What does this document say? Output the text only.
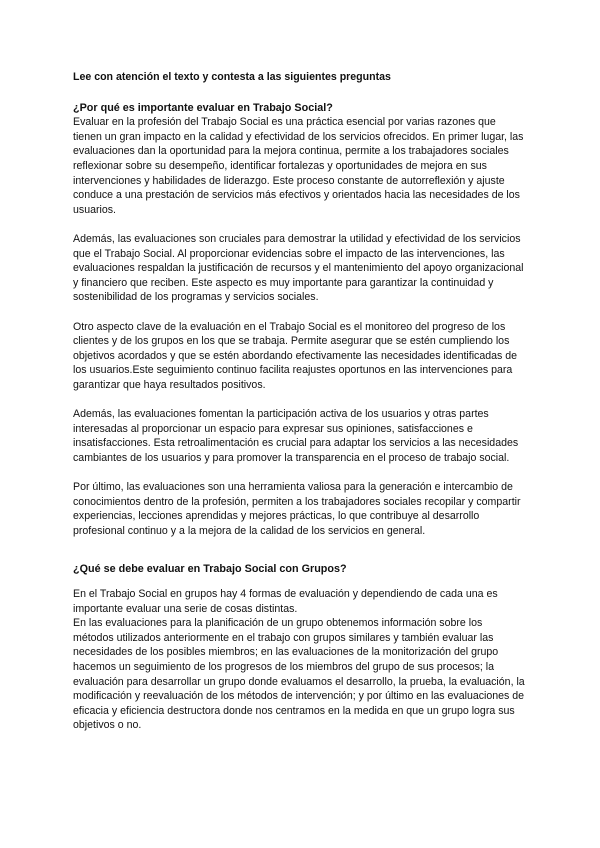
Lee con atención el texto y contesta a las siguientes preguntas

¿Por qué es importante evaluar en Trabajo Social?

Evaluar en la profesión del Trabajo Social es una práctica esencial por varias razones que tienen un gran impacto en la calidad y efectividad de los servicios ofrecidos. En primer lugar, las evaluaciones dan la oportunidad para la mejora continua, permite a los trabajadores sociales reflexionar sobre su desempeño, identificar fortalezas y oportunidades de mejora en sus intervenciones y habilidades de liderazgo. Este proceso constante de autorreflexión y ajuste conduce a una prestación de servicios más efectivos y orientados hacia las necesidades de los usuarios.

Además, las evaluaciones son cruciales para demostrar la utilidad y efectividad de los servicios que el Trabajo Social. Al proporcionar evidencias sobre el impacto de las intervenciones, las evaluaciones respaldan la justificación de recursos y el mantenimiento del apoyo organizacional y financiero que reciben. Este aspecto es muy importante para garantizar la continuidad y sostenibilidad de los programas y servicios sociales.

Otro aspecto clave de la evaluación en el Trabajo Social es el monitoreo del progreso de los clientes y de los grupos en los que se trabaja. Permite asegurar que se estén cumpliendo los objetivos acordados y que se estén abordando efectivamente las necesidades identificadas de los usuarios.Este seguimiento continuo facilita reajustes oportunos en las intervenciones para garantizar que haya resultados positivos.

Además, las evaluaciones fomentan la participación activa de los usuarios y otras partes interesadas al proporcionar un espacio para expresar sus opiniones, satisfacciones e insatisfacciones. Esta retroalimentación es crucial para adaptar los servicios a las necesidades cambiantes de los usuarios y para promover la transparencia en el proceso de trabajo social.

Por último, las evaluaciones son una herramienta valiosa para la generación e intercambio de conocimientos dentro de la profesión, permiten a los trabajadores sociales recopilar y compartir experiencias, lecciones aprendidas y mejores prácticas, lo que contribuye al desarrollo profesional continuo y a la mejora de la calidad de los servicios en general.

¿Qué se debe evaluar en Trabajo Social con Grupos?

En el Trabajo Social en grupos hay 4 formas de evaluación y dependiendo de cada una es importante evaluar una serie de cosas distintas.

En las evaluaciones para la planificación de un grupo obtenemos información sobre los métodos utilizados anteriormente en el trabajo con grupos similares y también evaluar las necesidades de los posibles miembros; en las evaluaciones de la monitorización del grupo hacemos un seguimiento de los progresos de los miembros del grupo de sus procesos; la evaluación para desarrollar un grupo donde evaluamos el desarrollo, la prueba, la evaluación, la modificación y reevaluación de los métodos de intervención; y por último en las evaluaciones de eficacia y eficiencia destructora donde nos centramos en la medida en que un grupo logra sus objetivos o no.
